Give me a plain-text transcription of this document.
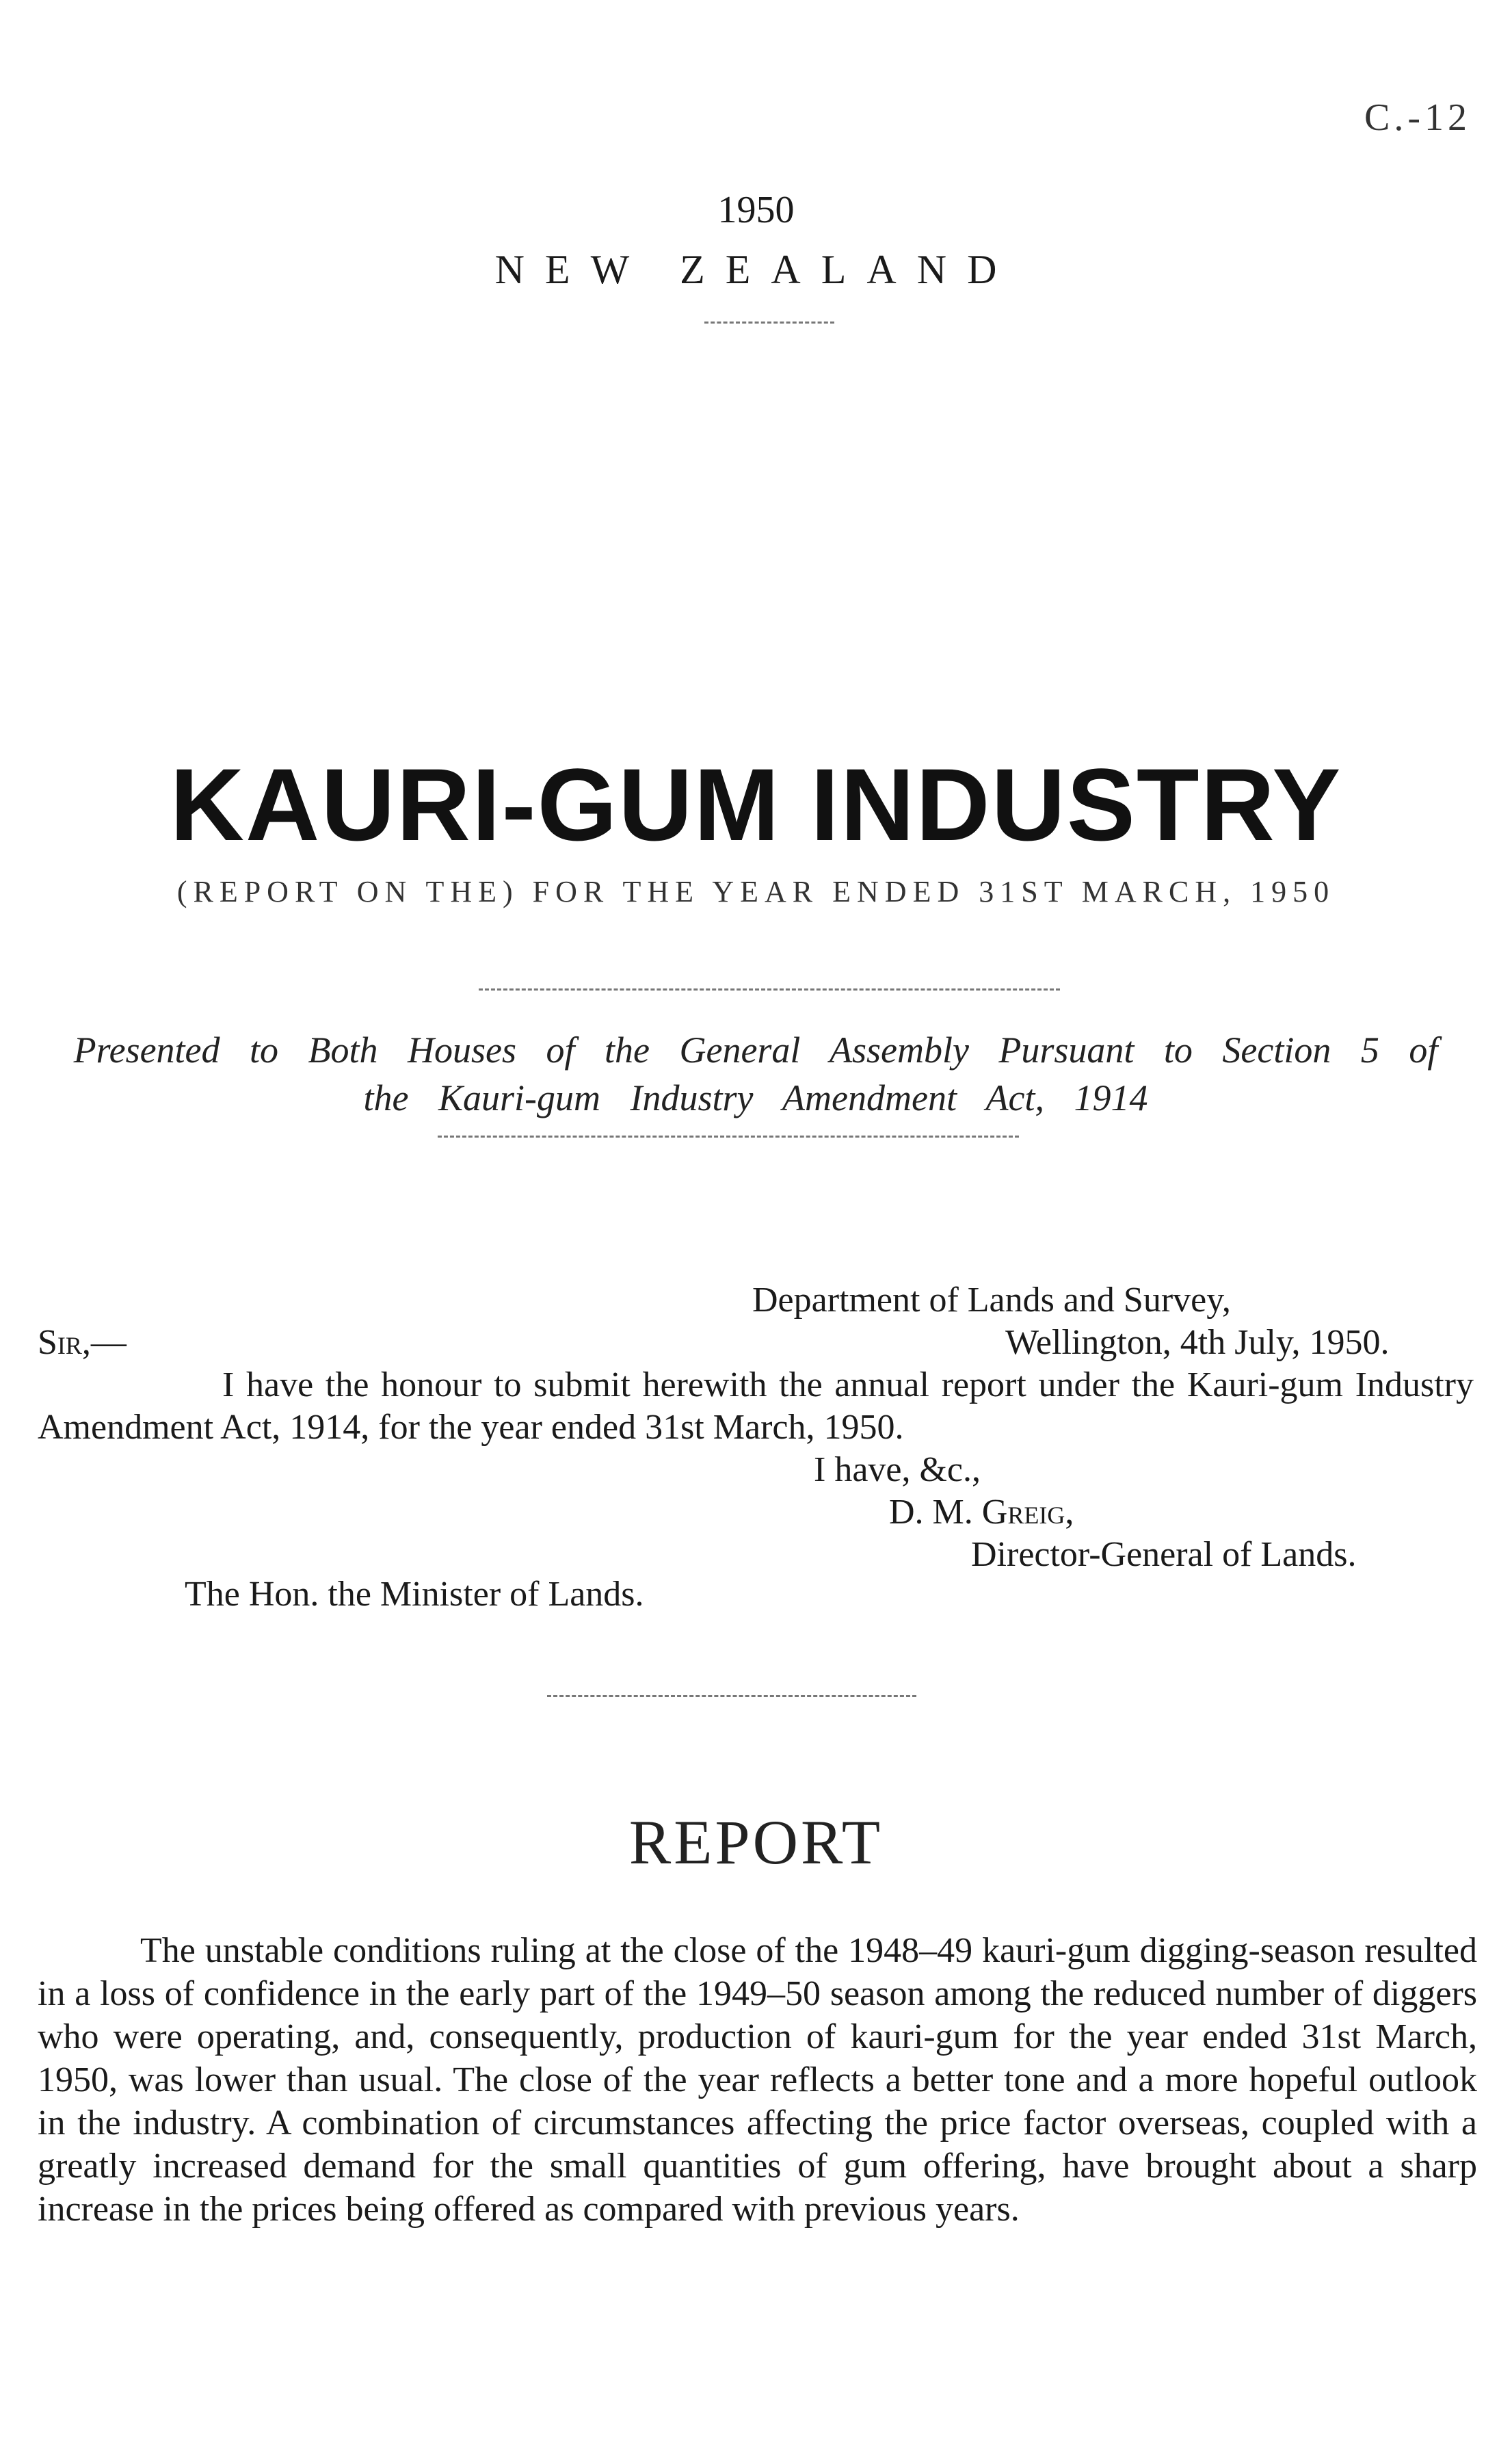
C.-12
1950
NEW ZEALAND
KAURI-GUM INDUSTRY
(REPORT ON THE) FOR THE YEAR ENDED 31ST MARCH, 1950
Presented to Both Houses of the General Assembly Pursuant to Section 5 of the Kauri-gum Industry Amendment Act, 1914
Department of Lands and Survey,
Wellington, 4th July, 1950.
Sir,—
I have the honour to submit herewith the annual report under the Kauri-gum Industry Amendment Act, 1914, for the year ended 31st March, 1950.
I have, &c.,
D. M. Greig,
Director-General of Lands.
The Hon. the Minister of Lands.
REPORT
The unstable conditions ruling at the close of the 1948–49 kauri-gum digging-season resulted in a loss of confidence in the early part of the 1949–50 season among the reduced number of diggers who were operating, and, consequently, production of kauri-gum for the year ended 31st March, 1950, was lower than usual. The close of the year reflects a better tone and a more hopeful outlook in the industry. A combination of circumstances affecting the price factor overseas, coupled with a greatly increased demand for the small quantities of gum offering, have brought about a sharp increase in the prices being offered as compared with previous years.
